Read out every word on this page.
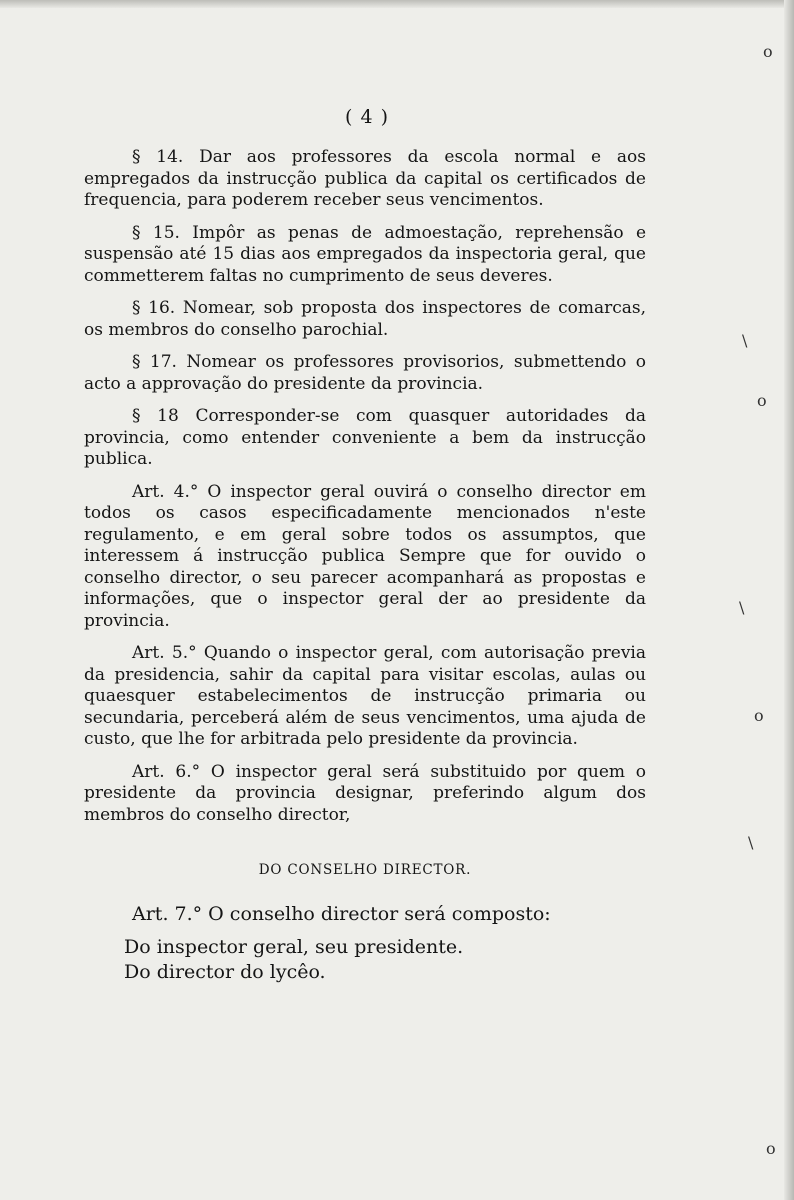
( 4 )

§ 14. Dar aos professores da escola normal e aos empregados da instrucção publica da capital os certificados de frequencia, para poderem receber seus vencimentos.

§ 15. Impôr as penas de admoestação, reprehensão e suspensão até 15 dias aos empregados da inspectoria geral, que commetterem faltas no cumprimento de seus deveres.

§ 16. Nomear, sob proposta dos inspectores de comarcas, os membros do conselho parochial.

§ 17. Nomear os professores provisorios, submettendo o acto a approvação do presidente da provincia.

§ 18 Corresponder-se com quasquer autoridades da provincia, como entender conveniente a bem da instrucção publica.

Art. 4.° O inspector geral ouvirá o conselho director em todos os casos especificadamente mencionados n'este regulamento, e em geral sobre todos os assumptos, que interessem á instrucção publica Sempre que for ouvido o conselho director, o seu parecer acompanhará as propostas e informações, que o inspector geral der ao presidente da provincia.

Art. 5.° Quando o inspector geral, com autorisação previa da presidencia, sahir da capital para visitar escolas, aulas ou quaesquer estabelecimentos de instrucção primaria ou secundaria, perceberá além de seus vencimentos, uma ajuda de custo, que lhe for arbitrada pelo presidente da provincia.

Art. 6.° O inspector geral será substituido por quem o presidente da provincia designar, preferindo algum dos membros do conselho director,

DO CONSELHO DIRECTOR.

Art. 7.° O conselho director será composto:

Do inspector geral, seu presidente.

Do director do lycêo.

o
\
o
\
o
\
o
